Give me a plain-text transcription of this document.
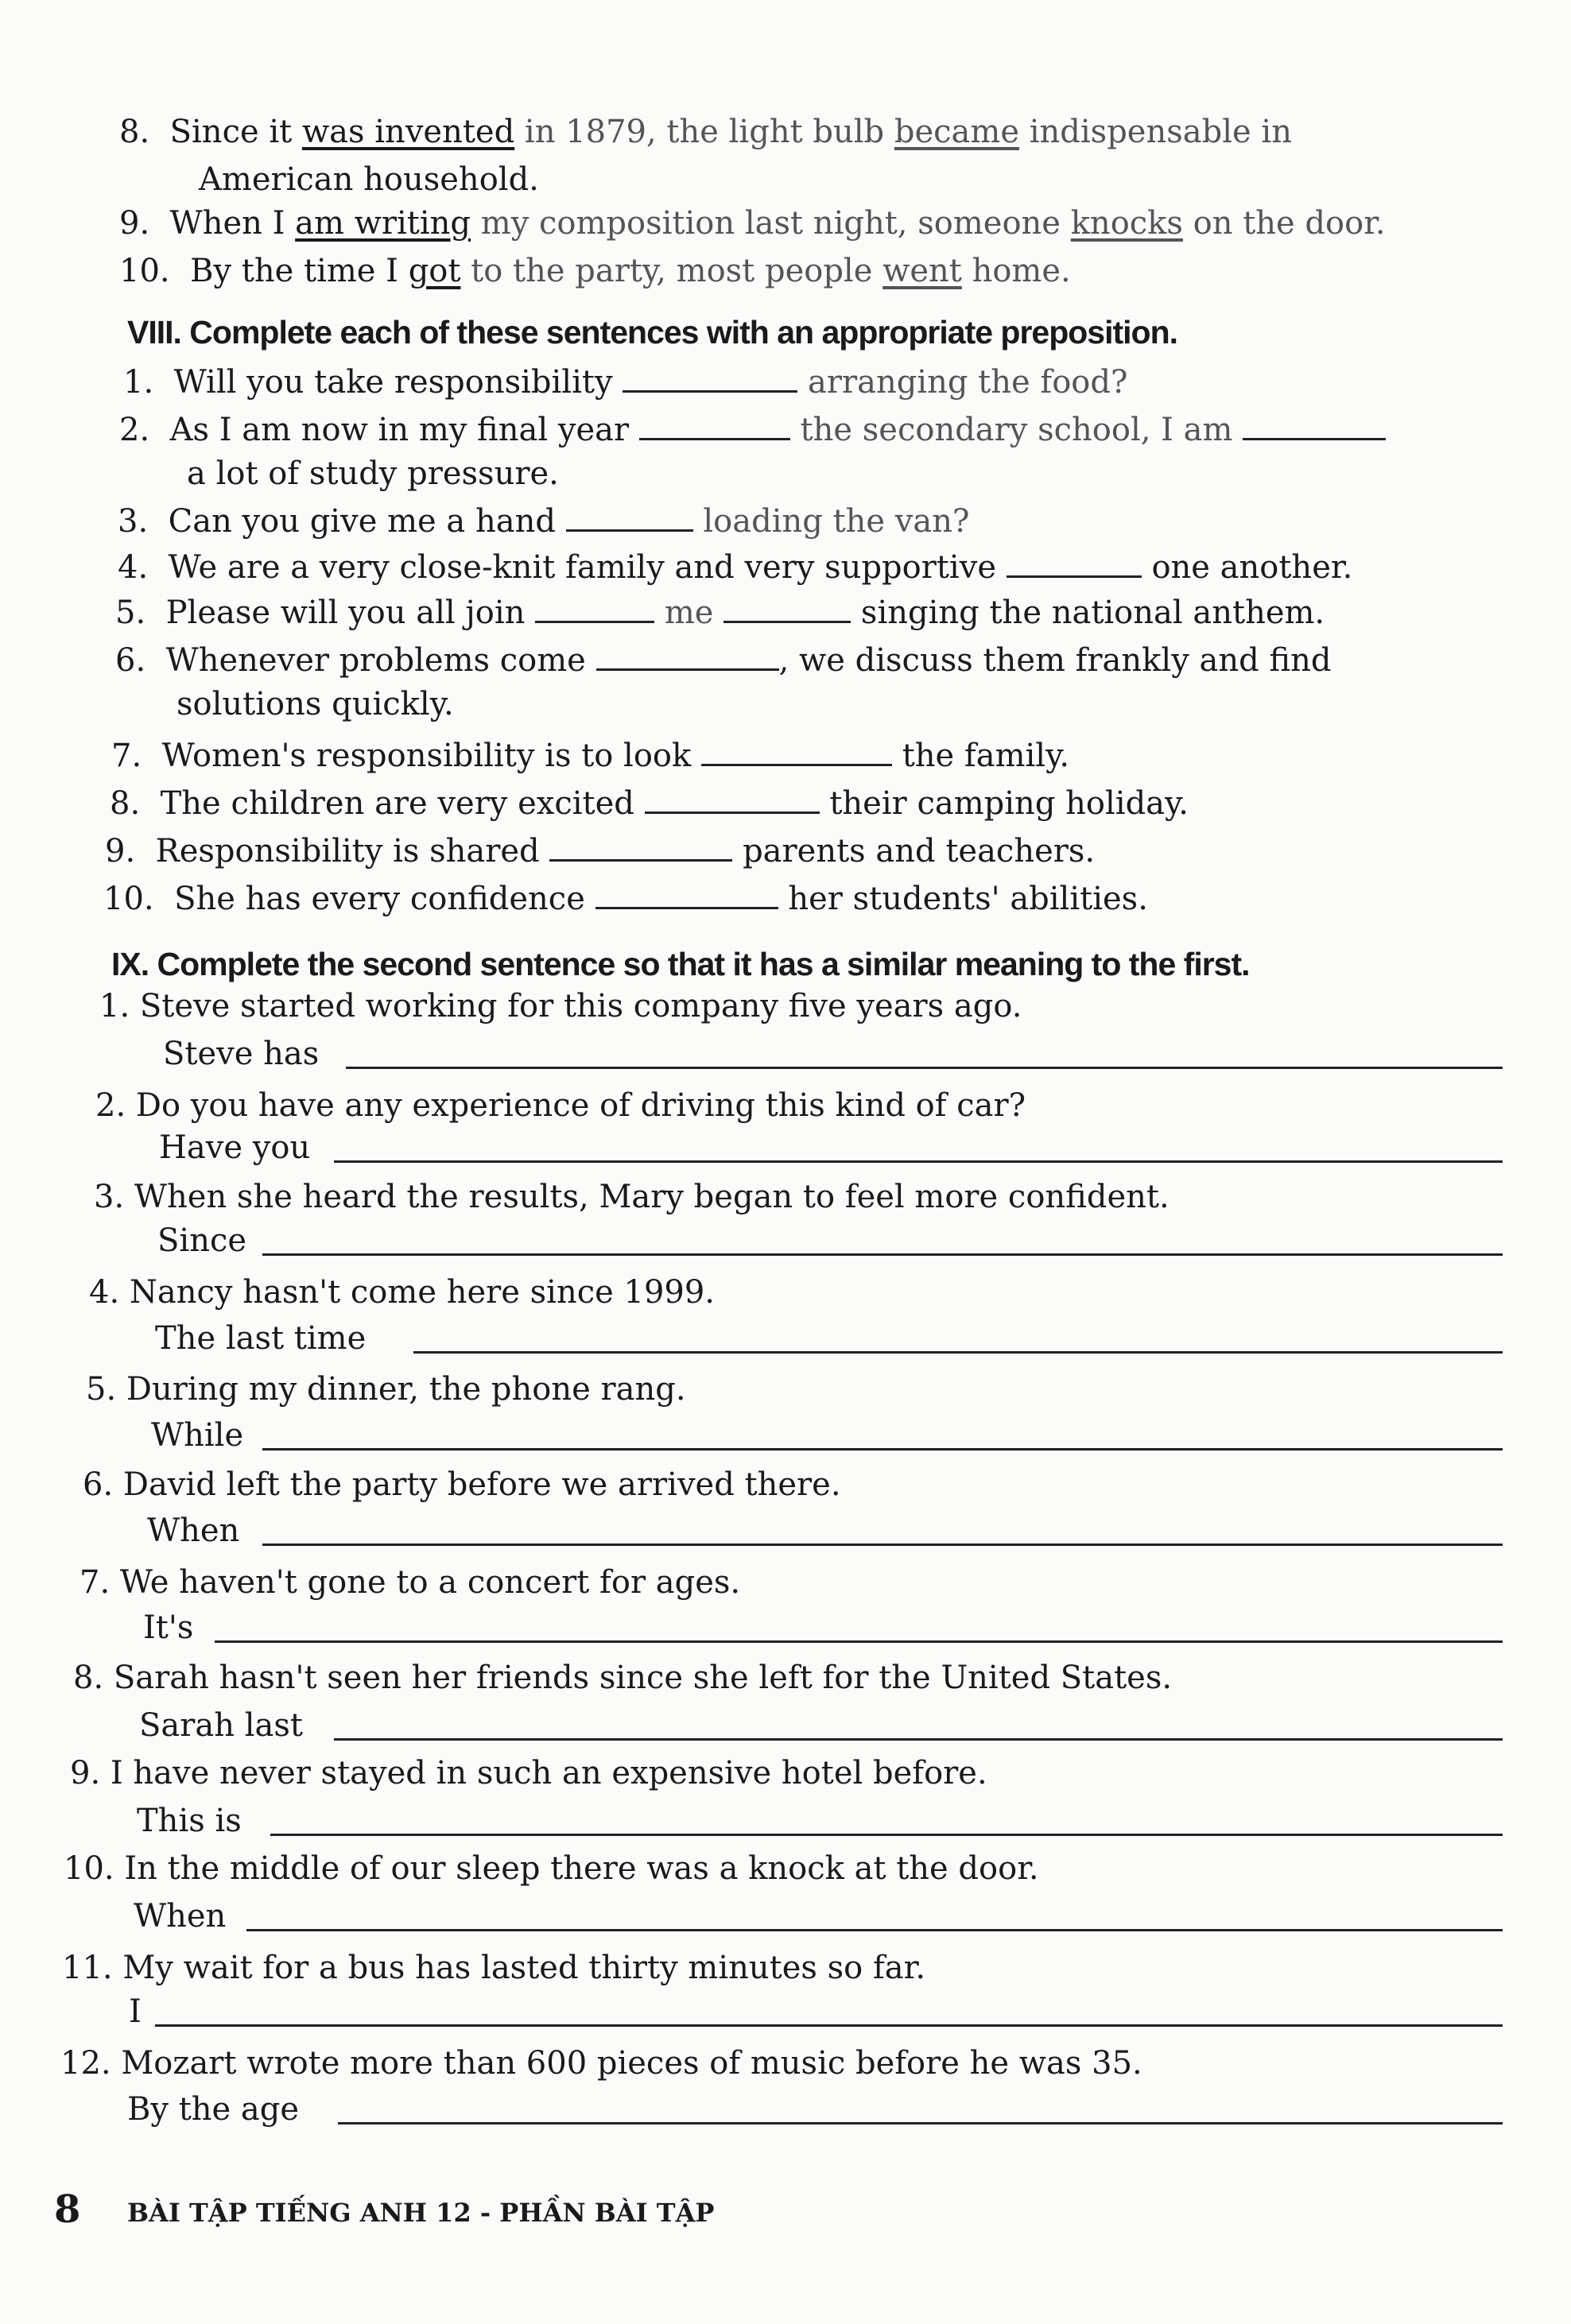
8. Since it was invented in 1879, the light bulb became indispensable in
American household.
9. When I am writing my composition last night, someone knocks on the door.
10. By the time I got to the party, most people went home.
VIII. Complete each of these sentences with an appropriate preposition.
1. Will you take responsibility	arranging the food?
2. As I am now in my final year	the secondary school, I am
a lot of study pressure.
3. Can you give me a hand	loading the van?
4. We are a very close-knit family and very supportive	one another.
5. Please will you all join	me	singing the national anthem.
6. Whenever problems come	, we discuss them frankly and find
solutions quickly.
7. Women's responsibility is to look	the family.
8. The children are very excited	their camping holiday.
9. Responsibility is shared	parents and teachers.
10. She has every confidence	her students' abilities.
IX. Complete the second sentence so that it has a similar meaning to the first.
1. Steve started working for this company five years ago.
Steve has
2. Do you have any experience of driving this kind of car?
Have you
3. When she heard the results, Mary began to feel more confident.
Since
4. Nancy hasn't come here since 1999.
The last time
5. During my dinner, the phone rang.
While
6. David left the party before we arrived there.
When
7. We haven't gone to a concert for ages.
It's
8. Sarah hasn't seen her friends since she left for the United States.
Sarah last
9. I have never stayed in such an expensive hotel before.
This is
10. In the middle of our sleep there was a knock at the door.
When
11. My wait for a bus has lasted thirty minutes so far.
I
12. Mozart wrote more than 600 pieces of music before he was 35.
By the age
8 BÀI TẬP TIẾNG ANH 12 - PHẦN BÀI TẬP
